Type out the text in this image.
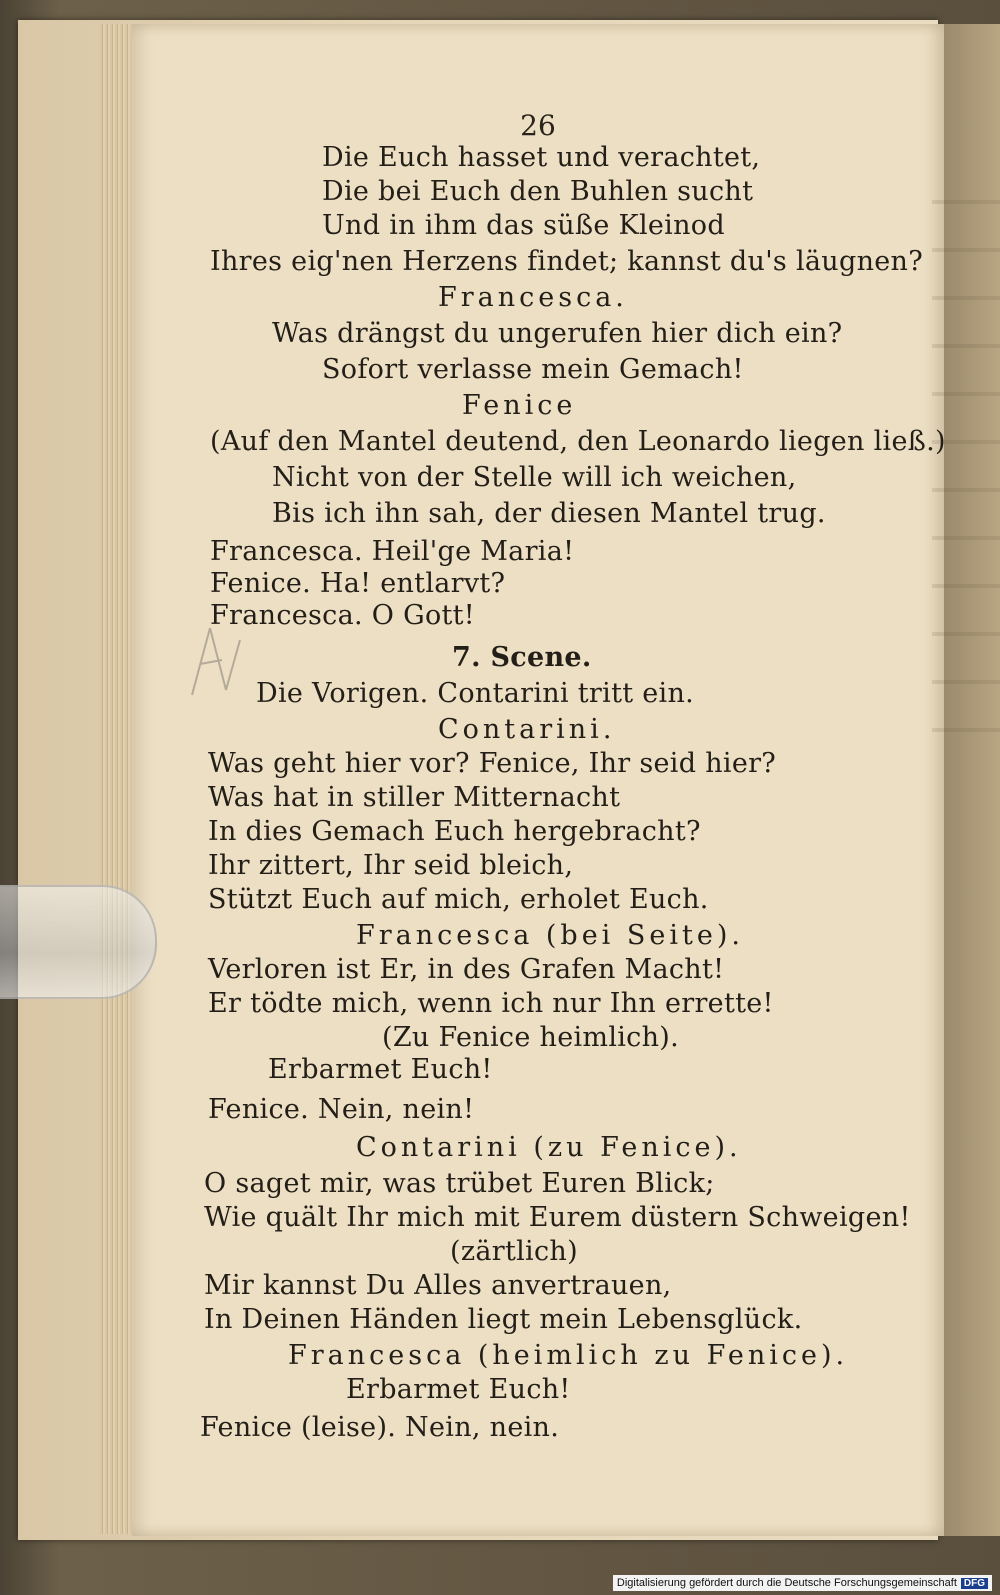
26
Die Euch hasset und verachtet,
Die bei Euch den Buhlen sucht
Und in ihm das süße Kleinod
Ihres eig'nen Herzens findet; kannst du's läugnen?
Francesca.
Was drängst du ungerufen hier dich ein?
Sofort verlasse mein Gemach!
Fenice
(Auf den Mantel deutend, den Leonardo liegen ließ.)
Nicht von der Stelle will ich weichen,
Bis ich ihn sah, der diesen Mantel trug.
Francesca. Heil'ge Maria!
Fenice. Ha! entlarvt?
Francesca. O Gott!
7. Scene.
Die Vorigen. Contarini tritt ein.
Contarini.
Was geht hier vor? Fenice, Ihr seid hier?
Was hat in stiller Mitternacht
In dies Gemach Euch hergebracht?
Ihr zittert, Ihr seid bleich,
Stützt Euch auf mich, erholet Euch.
Francesca (bei Seite).
Verloren ist Er, in des Grafen Macht!
Er tödte mich, wenn ich nur Ihn errette!
(Zu Fenice heimlich).
Erbarmet Euch!
Fenice. Nein, nein!
Contarini (zu Fenice).
O saget mir, was trübet Euren Blick;
Wie quält Ihr mich mit Eurem düstern Schweigen!
(zärtlich)
Mir kannst Du Alles anvertrauen,
In Deinen Händen liegt mein Lebensglück.
Francesca (heimlich zu Fenice).
Erbarmet Euch!
Fenice (leise). Nein, nein.
Digitalisierung gefördert durch die Deutsche Forschungsgemeinschaft DFG
